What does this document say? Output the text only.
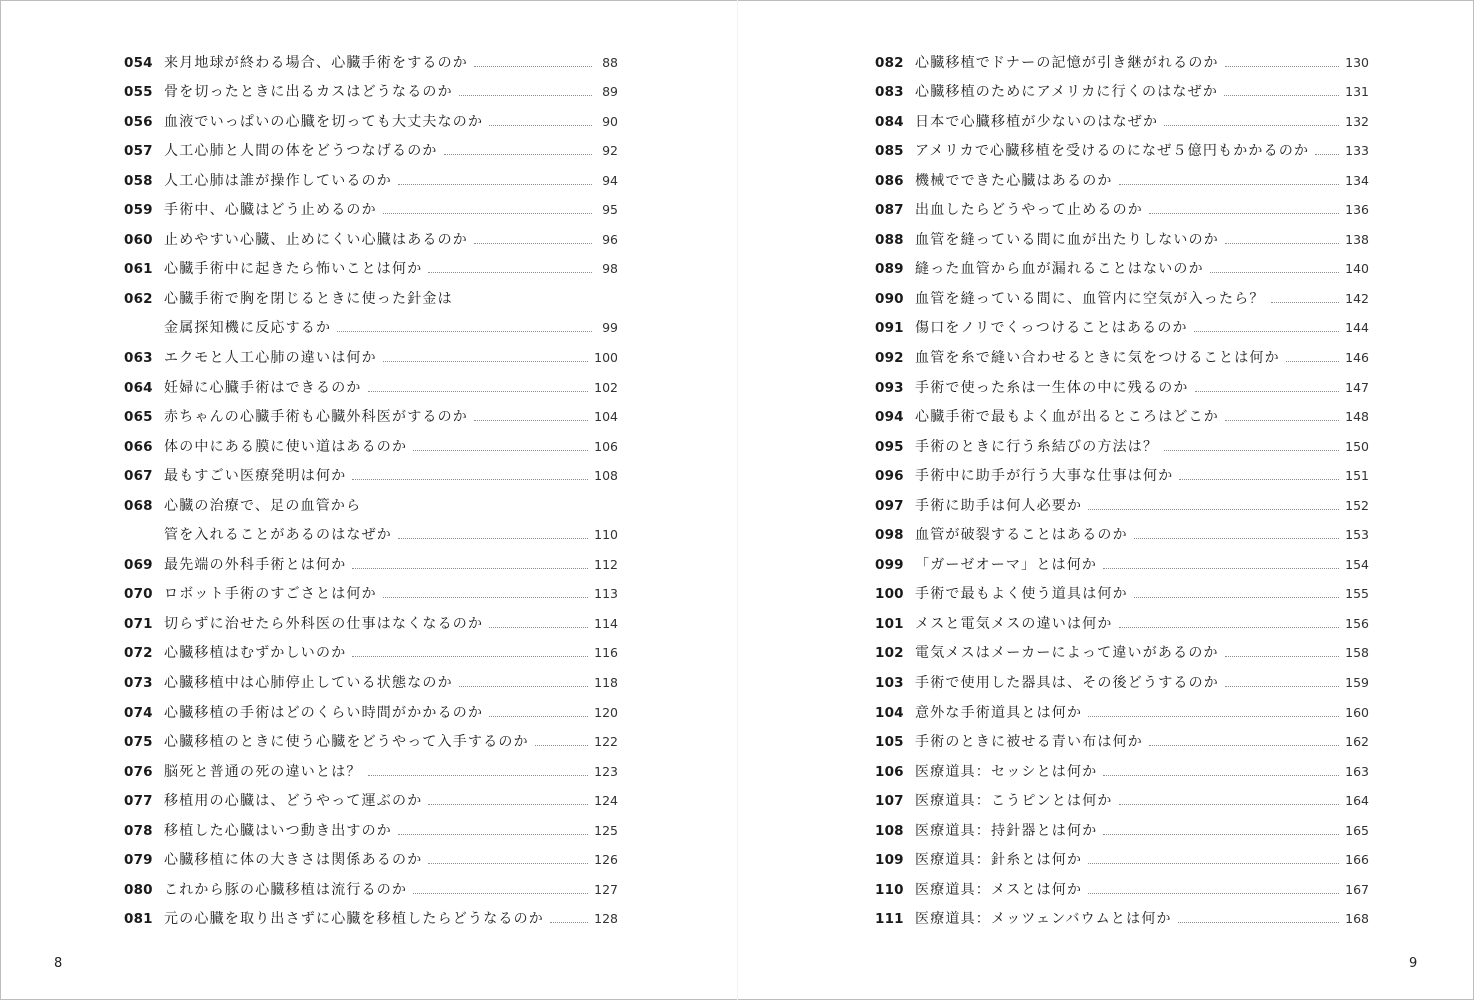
054 来月地球が終わる場合、心臓手術をするのか	88
055 骨を切ったときに出るカスはどうなるのか	89
056 血液でいっぱいの心臓を切っても大丈夫なのか	90
057 人工心肺と人間の体をどうつなげるのか	92
058 人工心肺は誰が操作しているのか	94
059 手術中、心臓はどう止めるのか	95
060 止めやすい心臓、止めにくい心臓はあるのか	96
061 心臓手術中に起きたら怖いことは何か	98
062 心臓手術で胸を閉じるときに使った針金は
金属探知機に反応するか	99
063 エクモと人工心肺の違いは何か	100
064 妊婦に心臓手術はできるのか	102
065 赤ちゃんの心臓手術も心臓外科医がするのか	104
066 体の中にある膜に使い道はあるのか	106
067 最もすごい医療発明は何か	108
068 心臓の治療で、足の血管から
管を入れることがあるのはなぜか	110
069 最先端の外科手術とは何か	112
070 ロボット手術のすごさとは何か	113
071 切らずに治せたら外科医の仕事はなくなるのか	114
072 心臓移植はむずかしいのか	116
073 心臓移植中は心肺停止している状態なのか	118
074 心臓移植の手術はどのくらい時間がかかるのか	120
075 心臓移植のときに使う心臓をどうやって入手するのか	122
076 脳死と普通の死の違いとは？	123
077 移植用の心臓は、どうやって運ぶのか	124
078 移植した心臓はいつ動き出すのか	125
079 心臓移植に体の大きさは関係あるのか	126
080 これから豚の心臓移植は流行るのか	127
081 元の心臓を取り出さずに心臓を移植したらどうなるのか	128
082 心臓移植でドナーの記憶が引き継がれるのか	130
083 心臓移植のためにアメリカに行くのはなぜか	131
084 日本で心臓移植が少ないのはなぜか	132
085 アメリカで心臓移植を受けるのになぜ５億円もかかるのか	133
086 機械でできた心臓はあるのか	134
087 出血したらどうやって止めるのか	136
088 血管を縫っている間に血が出たりしないのか	138
089 縫った血管から血が漏れることはないのか	140
090 血管を縫っている間に、血管内に空気が入ったら？	142
091 傷口をノリでくっつけることはあるのか	144
092 血管を糸で縫い合わせるときに気をつけることは何か	146
093 手術で使った糸は一生体の中に残るのか	147
094 心臓手術で最もよく血が出るところはどこか	148
095 手術のときに行う糸結びの方法は？	150
096 手術中に助手が行う大事な仕事は何か	151
097 手術に助手は何人必要か	152
098 血管が破裂することはあるのか	153
099 「ガーゼオーマ」とは何か	154
100 手術で最もよく使う道具は何か	155
101 メスと電気メスの違いは何か	156
102 電気メスはメーカーによって違いがあるのか	158
103 手術で使用した器具は、その後どうするのか	159
104 意外な手術道具とは何か	160
105 手術のときに被せる青い布は何か	162
106 医療道具：セッシとは何か	163
107 医療道具：こうピンとは何か	164
108 医療道具：持針器とは何か	165
109 医療道具：針糸とは何か	166
110 医療道具：メスとは何か	167
111 医療道具：メッツェンバウムとは何か	168
8	9
